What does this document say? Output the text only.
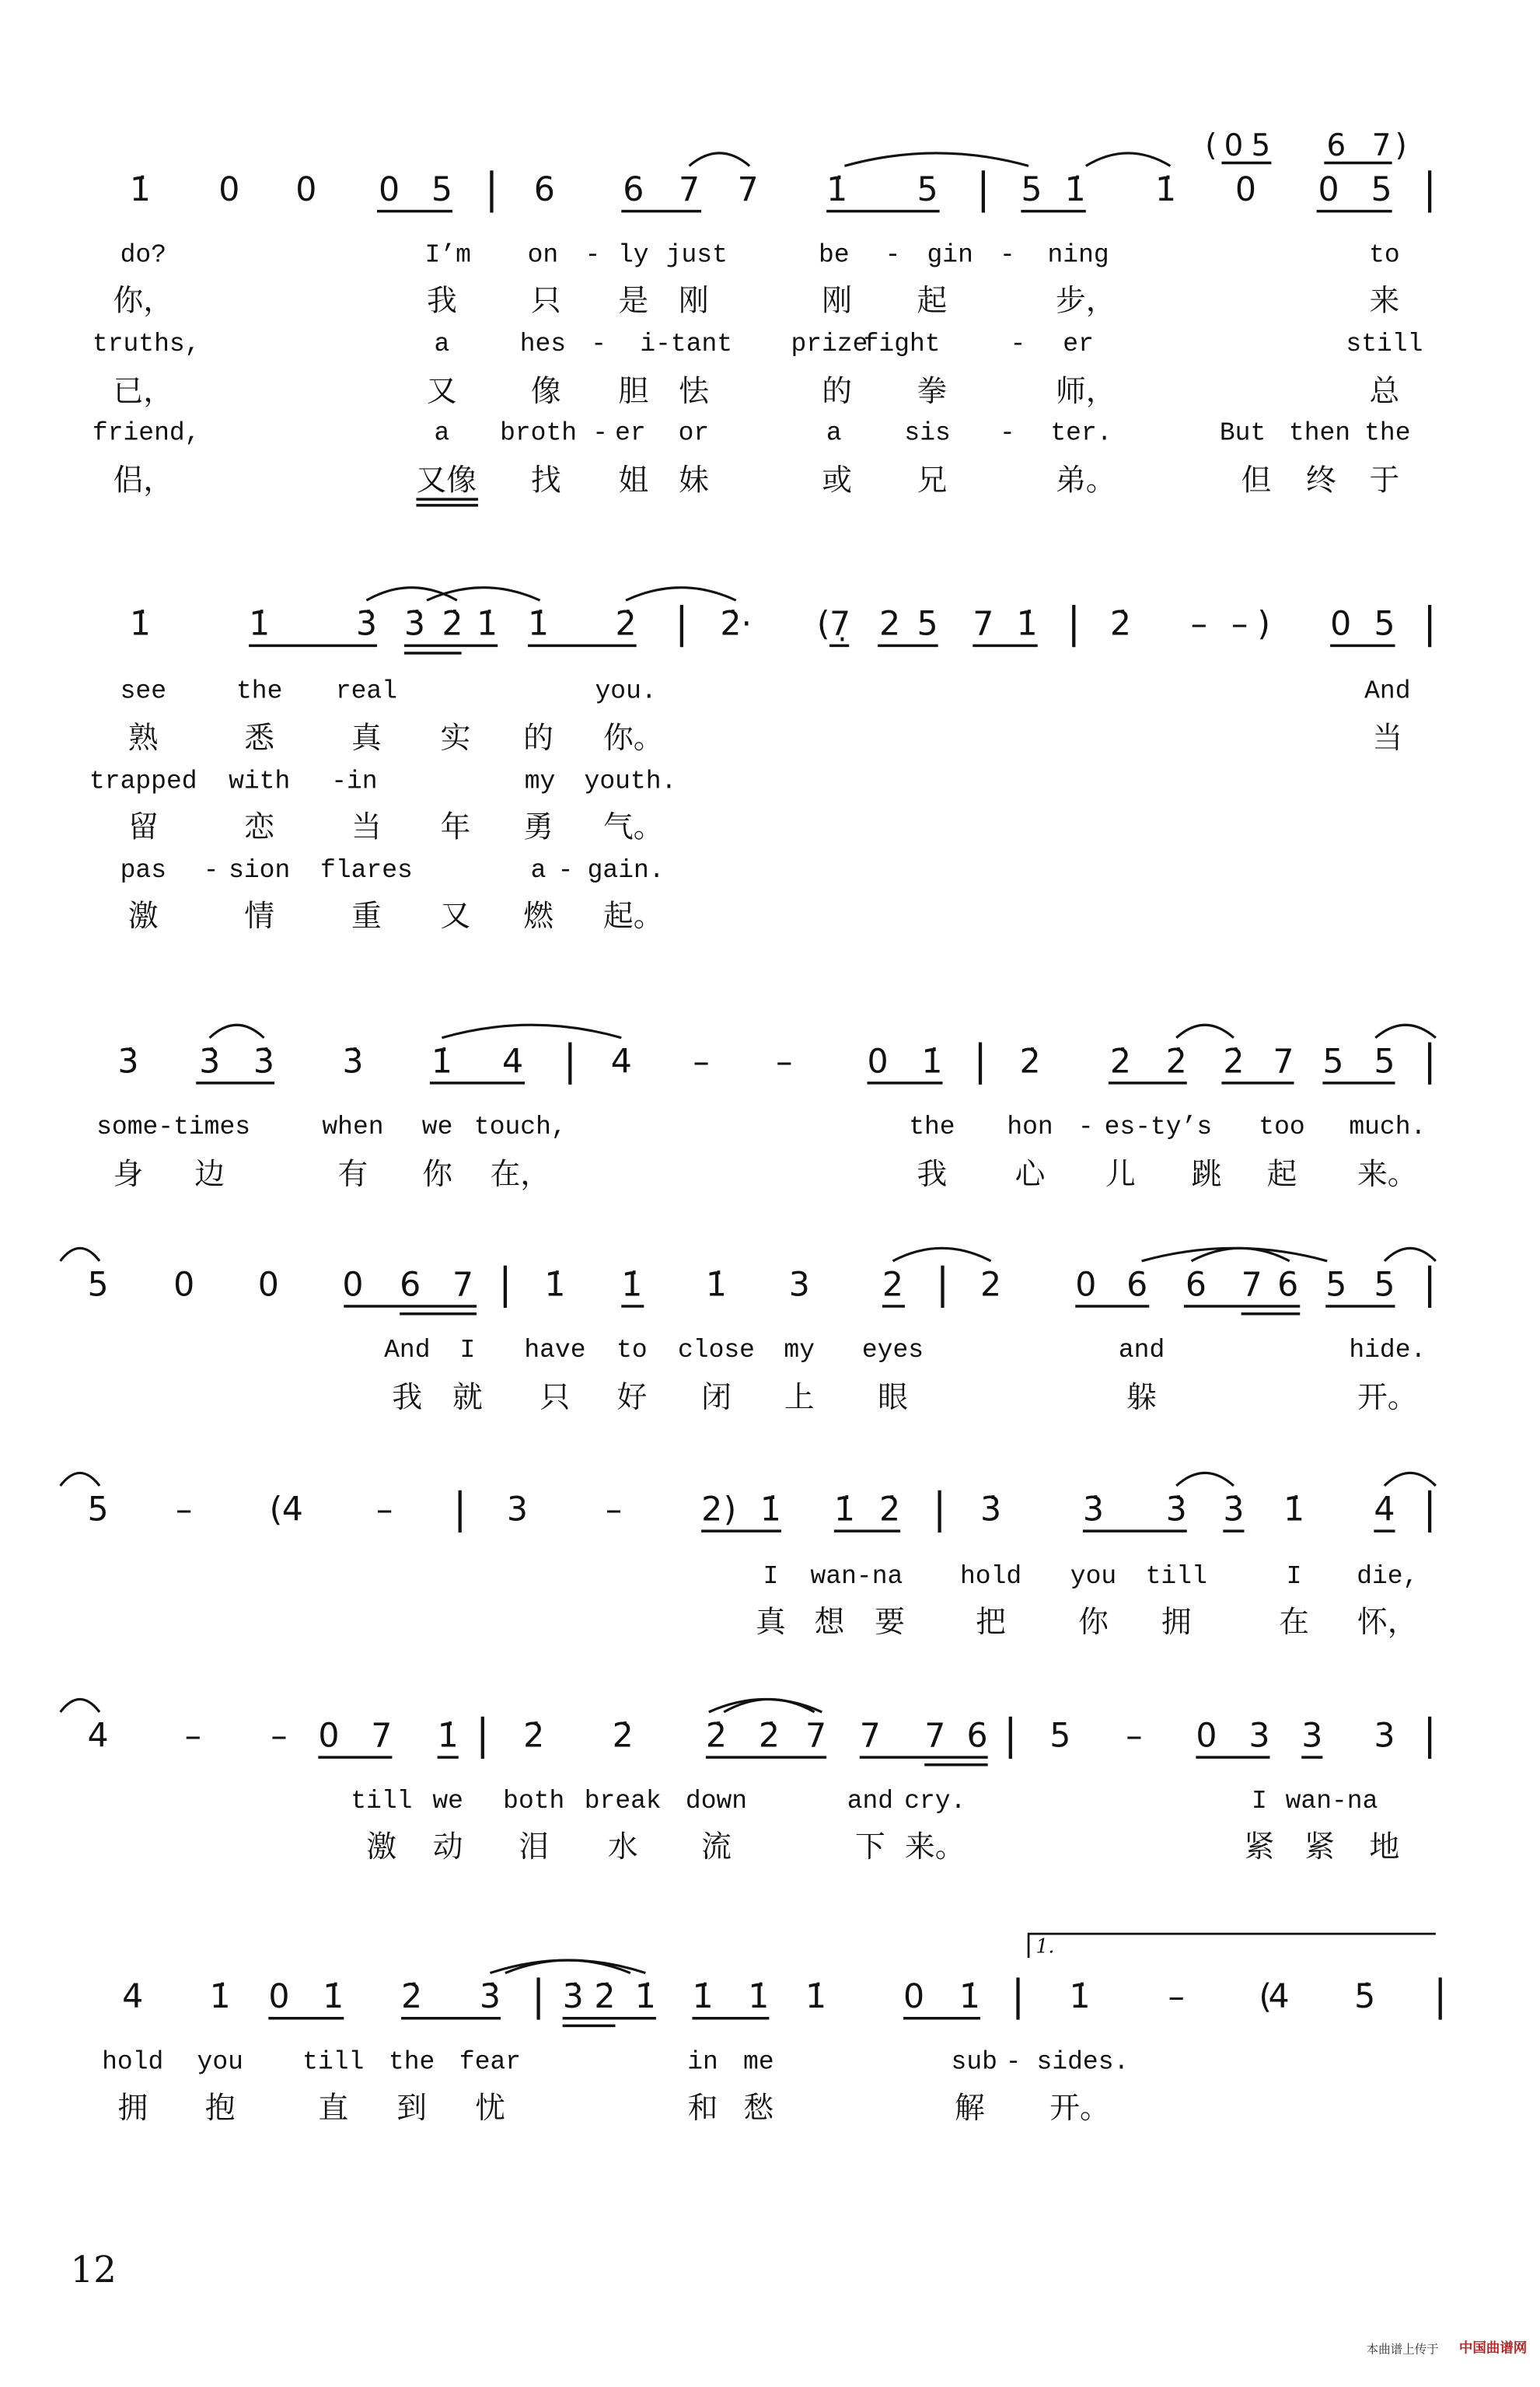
1.
12
本曲谱上传于	中国曲谱网
1̇	0	0	0 5	6	6 7 7	1̇	5	5 1̇	1̇	0	0 5
( 0 5	6 7 )
do?	I’m	on - ly just	be	- gin - ning	to
你，	我	只	是 刚	刚	起	步，	来
truths,	a	hes -	i-tant	prize
fight	-	er	still
已，	又	像	胆 怯	的	拳	师，	总
friend,	a	broth - er or	a	sis	-	ter.	But then the
侣，	又像	找	姐 妹	或	兄	弟。	但 终 于
1̇	1̇	3̇ 3̇ 2̇ 1̇ 1̇	2̇	2̇·	( 7̣ 2 5 7 1̇	2̇	– – )	0 5
see	the	real	you.	And
熟	悉	真	实	的	你。	当
trapped with	-in	my youth.
留	恋	当	年	勇	气。
pas	- sion flares	a - gain.
激	情	重	又	燃	起。
3̇	3̇ 3̇	3̇	1̇	4	4	–	–	0 1̇	2̇	2̇ 2̇ 2̇ 7 5 5
some-times	when	we touch,	the	hon - es-ty’s	too	much.
身	边	有	你 在，	我	心	儿	跳	起	来。
5	0	0	0 6 7	1̇	1̇	1̇	3	2	2	0 6 6 7 6 5 5
And I	have to close my	eyes	and	hide.
我 就	只	好	闭	上	眼	躲	开。
5	–	( 4	–	3	–	2 ) 1̇	1̇ 2̇	3̇	3̇	3̇ 3̇ 1̇	4
I wan-na	hold	you till	I	die,
真 想 要	把	你	拥	在	怀，
4	–	– 0 7	1̇	2̇	2̇	2̇ 2̇ 7 7	7 6	5	–	0 3 3	3
till we	both break down	and cry.	I wan-na
激 动	泪	水	流	下 来。	紧 紧 地
4	1̇ 0 1̇	2̇	3̇	3̇ 2̇ 1̇ 1̇ 1̇ 1̇	0 1̇	1̇	–	(
4	5̇
hold	you	till the fear	in me	sub - sides.
拥	抱	直	到	忧	和 愁	解	开。
